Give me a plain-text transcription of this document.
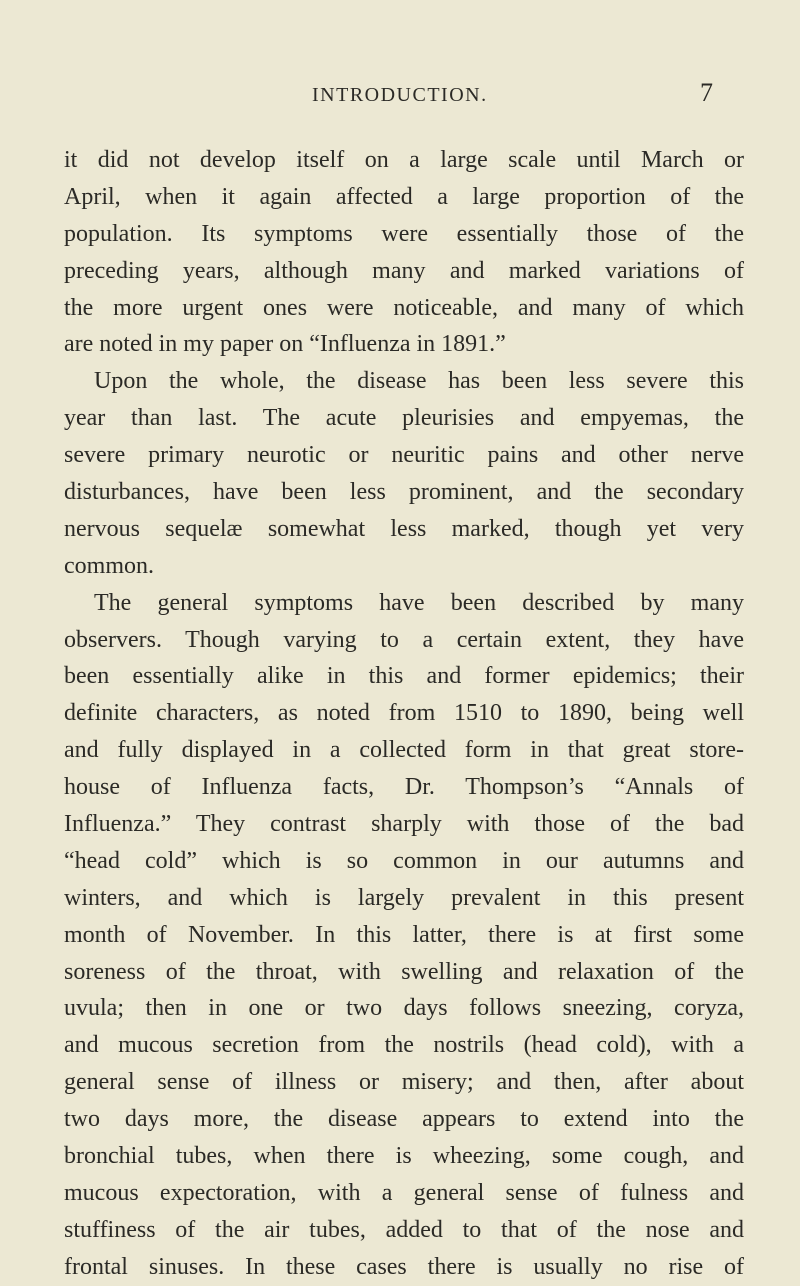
INTRODUCTION.	7
it did not develop itself on a large scale until March or
April, when it again affected a large proportion of the
population. Its symptoms were essentially those of the
preceding years, although many and marked variations of
the more urgent ones were noticeable, and many of which
are noted in my paper on “Influenza in 1891.”
Upon the whole, the disease has been less severe this
year than last. The acute pleurisies and empyemas, the
severe primary neurotic or neuritic pains and other nerve
disturbances, have been less prominent, and the secondary
nervous sequelæ somewhat less marked, though yet very
common.
The general symptoms have been described by many
observers. Though varying to a certain extent, they have
been essentially alike in this and former epidemics; their
definite characters, as noted from 1510 to 1890, being well
and fully displayed in a collected form in that great store-
house of Influenza facts, Dr. Thompson’s “Annals of
Influenza.” They contrast sharply with those of the bad
“head cold” which is so common in our autumns and
winters, and which is largely prevalent in this present
month of November. In this latter, there is at first some
soreness of the throat, with swelling and relaxation of the
uvula; then in one or two days follows sneezing, coryza,
and mucous secretion from the nostrils (head cold), with a
general sense of illness or misery; and then, after about
two days more, the disease appears to extend into the
bronchial tubes, when there is wheezing, some cough, and
mucous expectoration, with a general sense of fulness and
stuffiness of the air tubes, added to that of the nose and
frontal sinuses. In these cases there is usually no rise of
